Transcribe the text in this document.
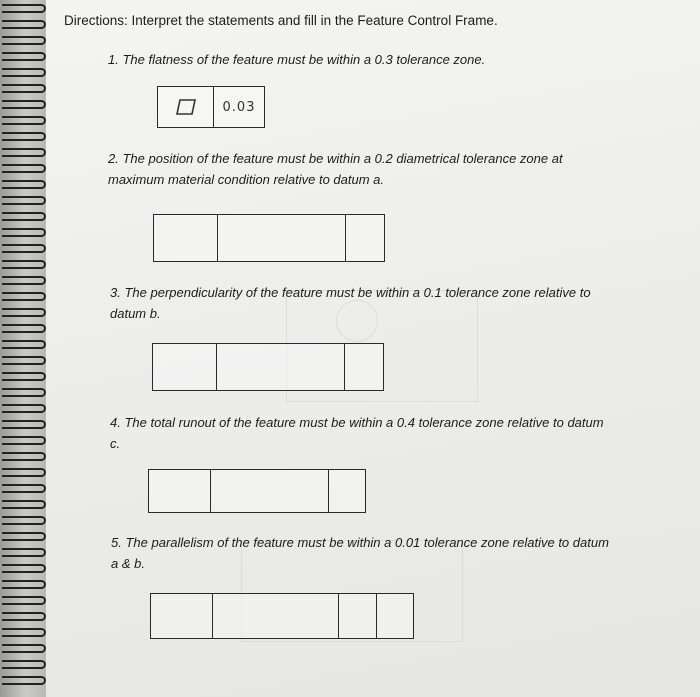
Directions: Interpret the statements and fill in the Feature Control Frame.
1. The flatness of the feature must be within a 0.3 tolerance zone.
0.03
2. The position of the feature must be within a 0.2 diametrical tolerance zone at
maximum material condition relative to datum a.
3. The perpendicularity of the feature must be within a 0.1 tolerance zone relative to
datum b.
4. The total runout of the feature must be within a 0.4 tolerance zone relative to datum
c.
5. The parallelism of the feature must be within a 0.01 tolerance zone relative to datum
a & b.
